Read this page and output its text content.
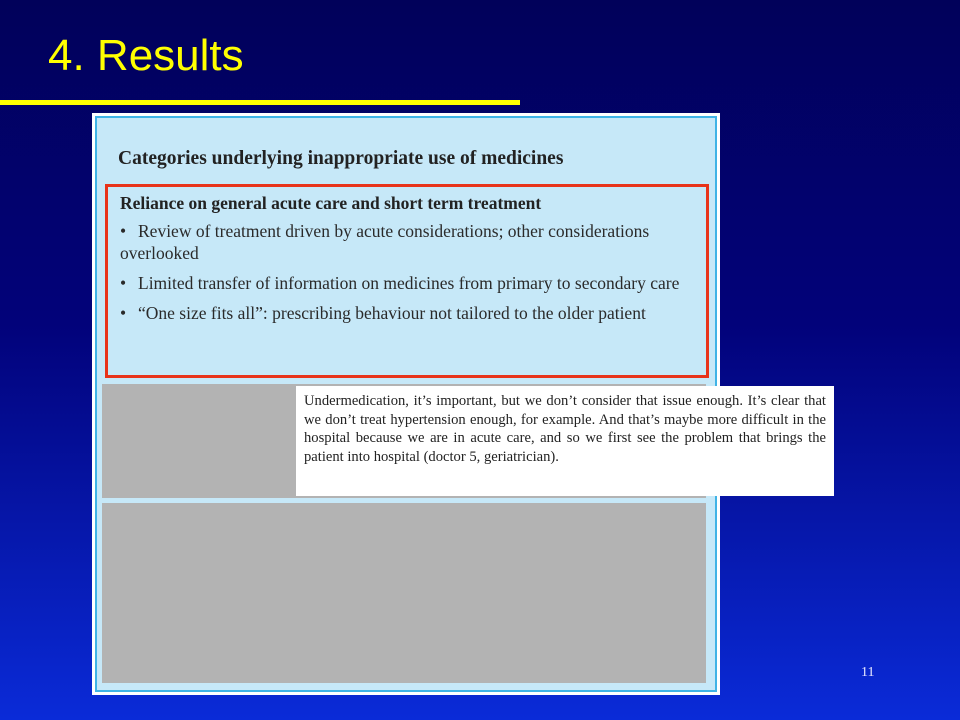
4. Results
Categories underlying inappropriate use of medicines
Reliance on general acute care and short term treatment
• Review of treatment driven by acute considerations; other considerations overlooked
• Limited transfer of information on medicines from primary to secondary care
• “One size fits all”: prescribing behaviour not tailored to the older patient

Undermedication, it’s important, but we don’t consider that issue enough. It’s clear that we don’t treat hypertension enough, for example. And that’s maybe more difficult in the hospital because we are in acute care, and so we first see the problem that brings the patient into hospital (doctor 5, geriatrician).

11
